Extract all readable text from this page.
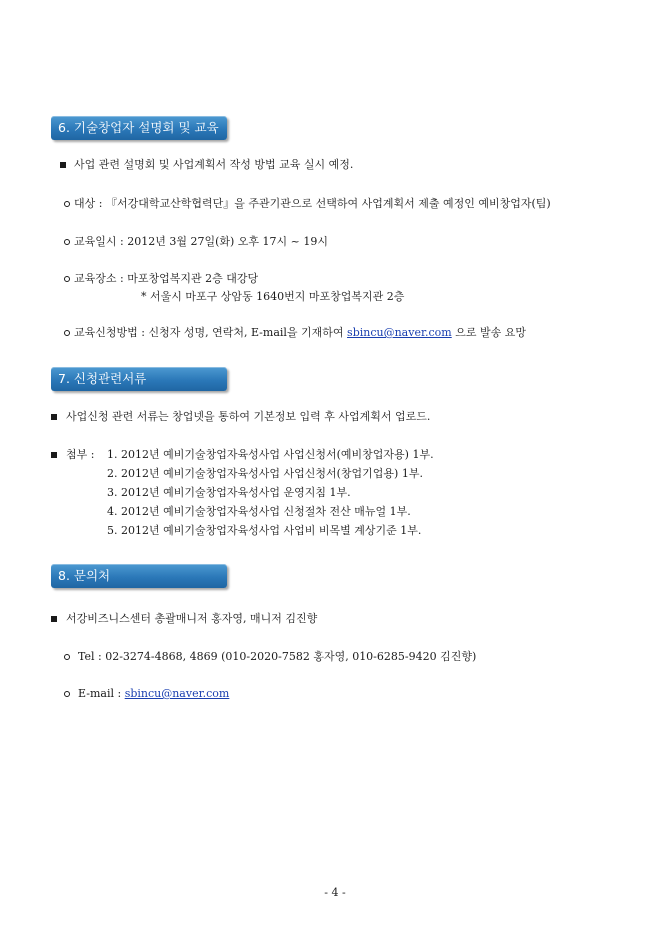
6. 기술창업자 설명회 및 교육
사업 관련 설명회 및 사업계획서 작성 방법 교육 실시 예정.
대상 : 『서강대학교산학협력단』을 주관기관으로 선택하여 사업계획서 제출 예정인 예비창업자(팀)
교육일시 : 2012년 3월 27일(화) 오후 17시 ~ 19시
교육장소 : 마포창업복지관 2층 대강당
* 서울시 마포구 상암동 1640번지 마포창업복지관 2층
교육신청방법 : 신청자 성명, 연락처, E-mail을 기재하여 sbincu@naver.com 으로 발송 요망
7. 신청관련서류
사업신청 관련 서류는 창업넷을 통하여 기본정보 입력 후 사업계획서 업로드.
첨부 : 1. 2012년 예비기술창업자육성사업 사업신청서(예비창업자용) 1부.
2. 2012년 예비기술창업자육성사업 사업신청서(창업기업용) 1부.
3. 2012년 예비기술창업자육성사업 운영지침 1부.
4. 2012년 예비기술창업자육성사업 신청절차 전산 매뉴얼 1부.
5. 2012년 예비기술창업자육성사업 사업비 비목별 계상기준 1부.
8. 문의처
서강비즈니스센터 총괄매니저 홍자영, 매니저 김진향
Tel : 02-3274-4868, 4869 (010-2020-7582 홍자영, 010-6285-9420 김진향)
E-mail : sbincu@naver.com
- 4 -
